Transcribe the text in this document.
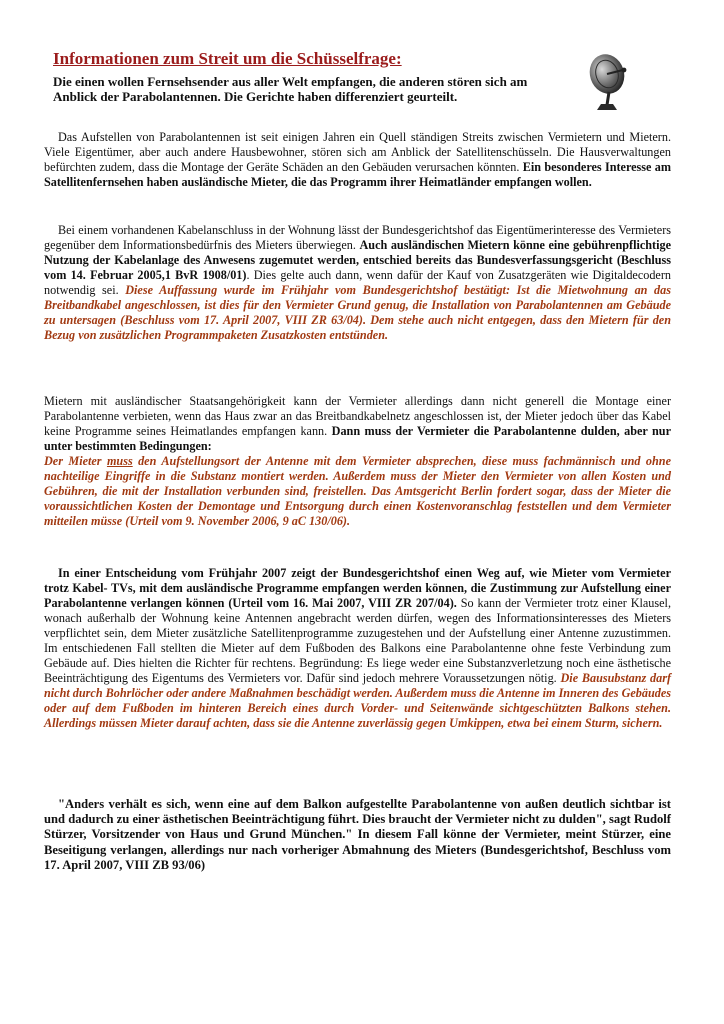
Informationen zum Streit um die Schüsselfrage:

Die einen wollen Fernsehsender aus aller Welt empfangen, die anderen stören sich am Anblick der Parabolantennen. Die Gerichte haben differenziert geurteilt.

Das Aufstellen von Parabolantennen ist seit einigen Jahren ein Quell ständigen Streits zwischen Vermietern und Mietern. Viele Eigentümer, aber auch andere Hausbewohner, stören sich am Anblick der Satellitenschüsseln. Die Hausverwaltungen befürchten zudem, dass die Montage der Geräte Schäden an den Gebäuden verursachen könnten. Ein besonderes Interesse am Satellitenfernsehen haben ausländische Mieter, die das Programm ihrer Heimatländer empfangen wollen.

Bei einem vorhandenen Kabelanschluss in der Wohnung lässt der Bundesgerichtshof das Eigentümerinteresse des Vermieters gegenüber dem Informationsbedürfnis des Mieters überwiegen. Auch ausländischen Mietern könne eine gebührenpflichtige Nutzung der Kabelanlage des Anwesens zugemutet werden, entschied bereits das Bundesverfassungsgericht (Beschluss vom 14. Februar 2005,1 BvR 1908/01). Dies gelte auch dann, wenn dafür der Kauf von Zusatzgeräten wie Digitaldecodern notwendig sei. Diese Auffassung wurde im Frühjahr vom Bundesgerichtshof bestätigt: Ist die Mietwohnung an das Breitbandkabel angeschlossen, ist dies für den Vermieter Grund genug, die Installation von Parabolantennen am Gebäude zu untersagen (Beschluss vom 17. April 2007, VIII ZR 63/04). Dem stehe auch nicht entgegen, dass den Mietern für den Bezug von zusätzlichen Programmpaketen Zusatzkosten entstünden.

Mietern mit ausländischer Staatsangehörigkeit kann der Vermieter allerdings dann nicht generell die Montage einer Parabolantenne verbieten, wenn das Haus zwar an das Breitbandkabelnetz angeschlossen ist, der Mieter jedoch über das Kabel keine Programme seines Heimatlandes empfangen kann. Dann muss der Vermieter die Parabolantenne dulden, aber nur unter bestimmten Bedingungen:
Der Mieter muss den Aufstellungsort der Antenne mit dem Vermieter absprechen, diese muss fachmännisch und ohne nachteilige Eingriffe in die Substanz montiert werden. Außerdem muss der Mieter den Vermieter von allen Kosten und Gebühren, die mit der Installation verbunden sind, freistellen. Das Amtsgericht Berlin fordert sogar, dass der Mieter die voraussichtlichen Kosten der Demontage und Entsorgung durch einen Kostenvoranschlag feststellen und dem Vermieter mitteilen müsse (Urteil vom 9. November 2006, 9 aC 130/06).

In einer Entscheidung vom Frühjahr 2007 zeigt der Bundesgerichtshof einen Weg auf, wie Mieter vom Vermieter trotz Kabel- TVs, mit dem ausländische Programme empfangen werden können, die Zustimmung zur Aufstellung einer Parabolantenne verlangen können (Urteil vom 16. Mai 2007, VIII ZR 207/04). So kann der Vermieter trotz einer Klausel, wonach außerhalb der Wohnung keine Antennen angebracht werden dürfen, wegen des Informationsinteresses des Mieters verpflichtet sein, dem Mieter zusätzliche Satellitenprogramme zuzugestehen und der Aufstellung einer Antenne zuzustimmen. Im entschiedenen Fall stellten die Mieter auf dem Fußboden des Balkons eine Parabolantenne ohne feste Verbindung zum Gebäude auf. Dies hielten die Richter für rechtens. Begründung: Es liege weder eine Substanzverletzung noch eine ästhetische Beeinträchtigung des Eigentums des Vermieters vor. Dafür sind jedoch mehrere Voraussetzungen nötig. Die Bausubstanz darf nicht durch Bohrlöcher oder andere Maßnahmen beschädigt werden. Außerdem muss die Antenne im Inneren des Gebäudes oder auf dem Fußboden im hinteren Bereich eines durch Vorder- und Seitenwände sichtgeschützten Balkons stehen. Allerdings müssen Mieter darauf achten, dass sie die Antenne zuverlässig gegen Umkippen, etwa bei einem Sturm, sichern.

"Anders verhält es sich, wenn eine auf dem Balkon aufgestellte Parabolantenne von außen deutlich sichtbar ist und dadurch zu einer ästhetischen Beeinträchtigung führt. Dies braucht der Vermieter nicht zu dulden", sagt Rudolf Stürzer, Vorsitzender von Haus und Grund München." In diesem Fall könne der Vermieter, meint Stürzer, eine Beseitigung verlangen, allerdings nur nach vorheriger Abmahnung des Mieters (Bundesgerichtshof, Beschluss vom 17. April 2007, VIII ZB 93/06)
